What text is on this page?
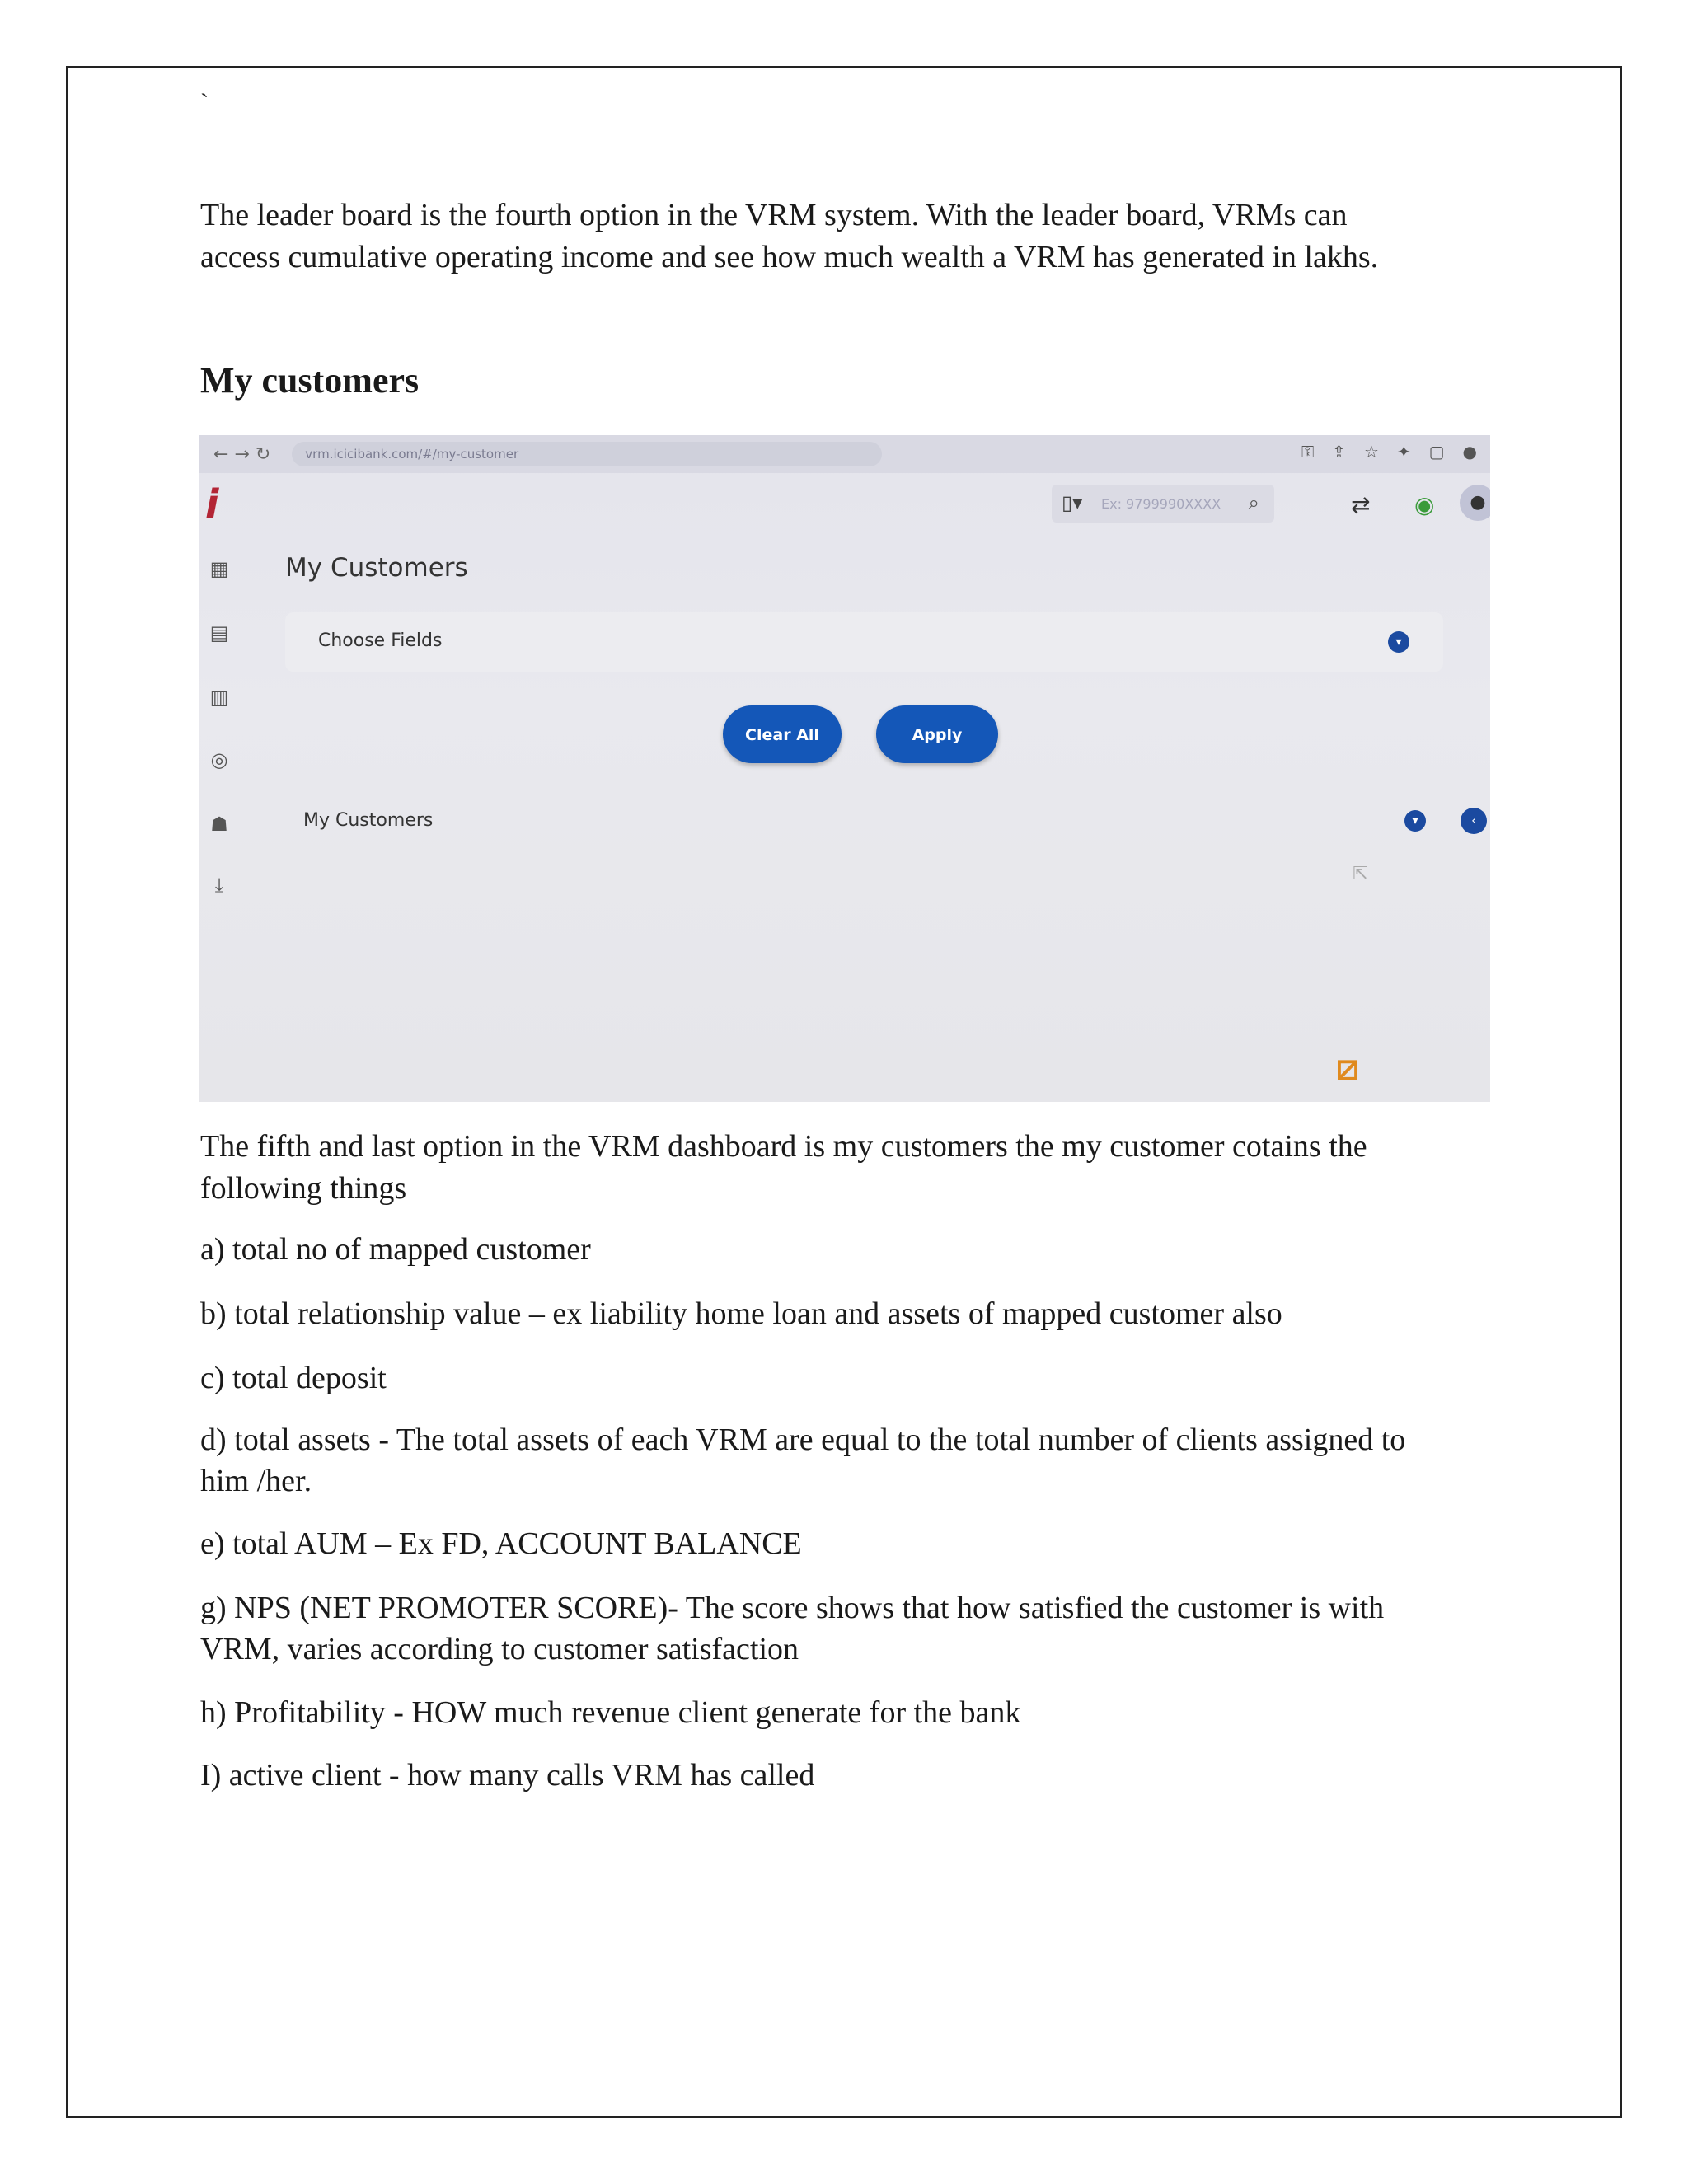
`

The leader board is the fourth option in the VRM system. With the leader board, VRMs can

access cumulative operating income and see how much wealth a VRM has generated in lakhs.

My customers
← → ↻	vrm.icicibank.com/#/my-customer	⚿ ⇪ ☆ ✦ ▢ ●
i	▯▾ Ex: 9799990XXXX ⌕	⇄ ◉	●
▦
▤
▥
◎
☗
⤓
My Customers
Choose Fields	▾
Clear All	Apply
My Customers	▾	‹
⇱
⧄

The fifth and last option in the VRM dashboard is my customers the my customer cotains the

following things

a) total no of mapped customer

b) total relationship value – ex liability home loan and assets of mapped customer also

c) total deposit

d) total assets - The total assets of each VRM are equal to the total number of clients assigned to

him /her.

e) total AUM – Ex FD, ACCOUNT BALANCE

g) NPS (NET PROMOTER SCORE)- The score shows that how satisfied the customer is with

VRM, varies according to customer satisfaction

h) Profitability - HOW much revenue client generate for the bank

I) active client - how many calls VRM has called
